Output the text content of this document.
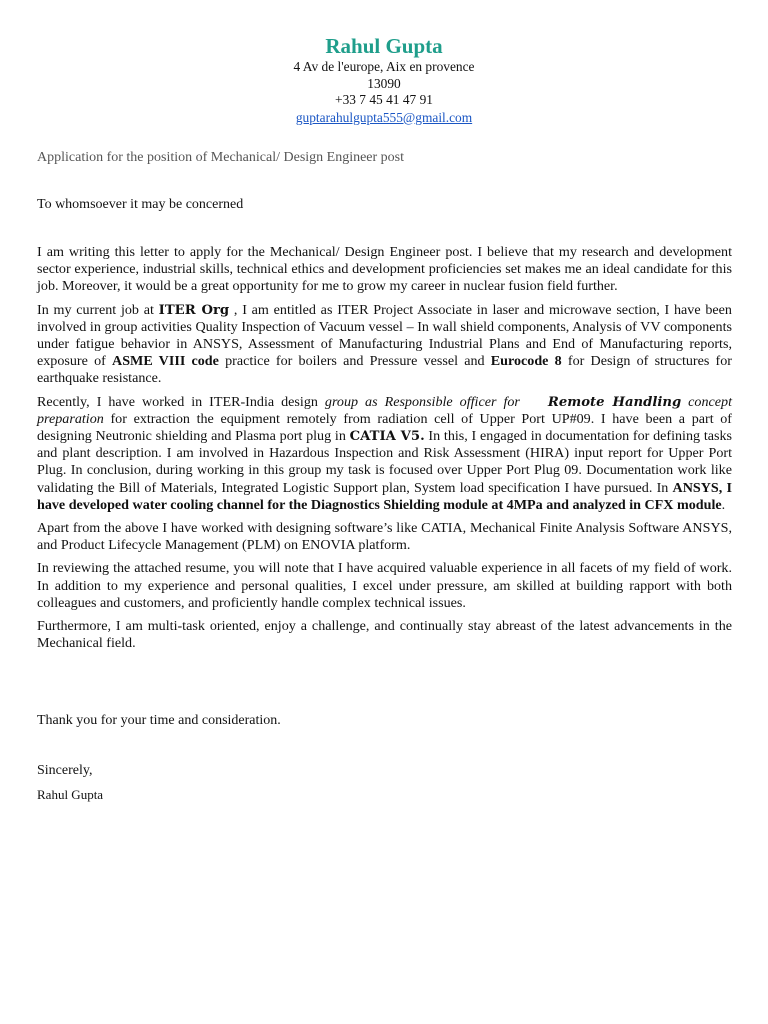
Rahul Gupta
4 Av de l'europe, Aix en provence
13090
+33 7 45 41 47 91
guptarahulgupta555@gmail.com
Application for the position of Mechanical/ Design Engineer post
To whomsoever it may be concerned

I am writing this letter to apply for the Mechanical/ Design Engineer post. I believe that my research and development sector experience, industrial skills, technical ethics and development proficiencies set makes me an ideal candidate for this job. Moreover, it would be a great opportunity for me to grow my career in nuclear fusion field further.

In my current job at ITER Org , I am entitled as ITER Project Associate in laser and microwave section, I have been involved in group activities Quality Inspection of Vacuum vessel – In wall shield components, Analysis of VV components under fatigue behavior in ANSYS, Assessment of Manufacturing Industrial Plans and End of Manufacturing reports, exposure of ASME VIII code practice for boilers and Pressure vessel and Eurocode 8 for Design of structures for earthquake resistance.

Recently, I have worked in ITER-India design group as Responsible officer for Remote Handling concept preparation for extraction the equipment remotely from radiation cell of Upper Port UP#09. I have been a part of designing Neutronic shielding and Plasma port plug in CATIA V5. In this, I engaged in documentation for defining tasks and plant description. I am involved in Hazardous Inspection and Risk Assessment (HIRA) input report for Upper Port Plug. In conclusion, during working in this group my task is focused over Upper Port Plug 09. Documentation work like validating the Bill of Materials, Integrated Logistic Support plan, System load specification I have pursued. In ANSYS, I have developed water cooling channel for the Diagnostics Shielding module at 4MPa and analyzed in CFX module.

Apart from the above I have worked with designing software’s like CATIA, Mechanical Finite Analysis Software ANSYS, and Product Lifecycle Management (PLM) on ENOVIA platform.

In reviewing the attached resume, you will note that I have acquired valuable experience in all facets of my field of work. In addition to my experience and personal qualities, I excel under pressure, am skilled at building rapport with both colleagues and customers, and proficiently handle complex technical issues.

Furthermore, I am multi-task oriented, enjoy a challenge, and continually stay abreast of the latest advancements in the Mechanical field.

Thank you for your time and consideration.
Sincerely,
Rahul Gupta
